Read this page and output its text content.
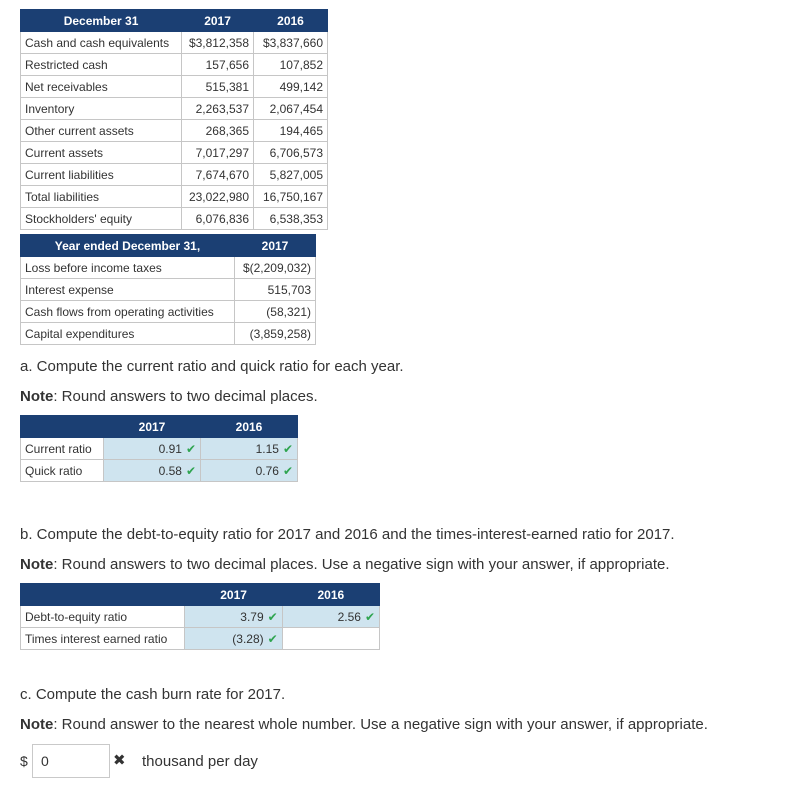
December 31	2017	2016
Cash and cash equivalents	$3,812,358	$3,837,660
Restricted cash	157,656	107,852
Net receivables	515,381	499,142
Inventory	2,263,537	2,067,454
Other current assets	268,365	194,465
Current assets	7,017,297	6,706,573
Current liabilities	7,674,670	5,827,005
Total liabilities	23,022,980	16,750,167
Stockholders' equity	6,076,836	6,538,353
Year ended December 31,	2017
Loss before income taxes	$(2,209,032)
Interest expense	515,703
Cash flows from operating activities	(58,321)
Capital expenditures	(3,859,258)
a. Compute the current ratio and quick ratio for each year.
Note: Round answers to two decimal places.
	2017	2016
Current ratio	0.91 ✔	1.15 ✔
Quick ratio	0.58 ✔	0.76 ✔
b. Compute the debt-to-equity ratio for 2017 and 2016 and the times-interest-earned ratio for 2017.
Note: Round answers to two decimal places. Use a negative sign with your answer, if appropriate.
	2017	2016
Debt-to-equity ratio	3.79 ✔	2.56 ✔
Times interest earned ratio	(3.28) ✔	
c. Compute the cash burn rate for 2017.
Note: Round answer to the nearest whole number. Use a negative sign with your answer, if appropriate.
$
0	✖ thousand per day
